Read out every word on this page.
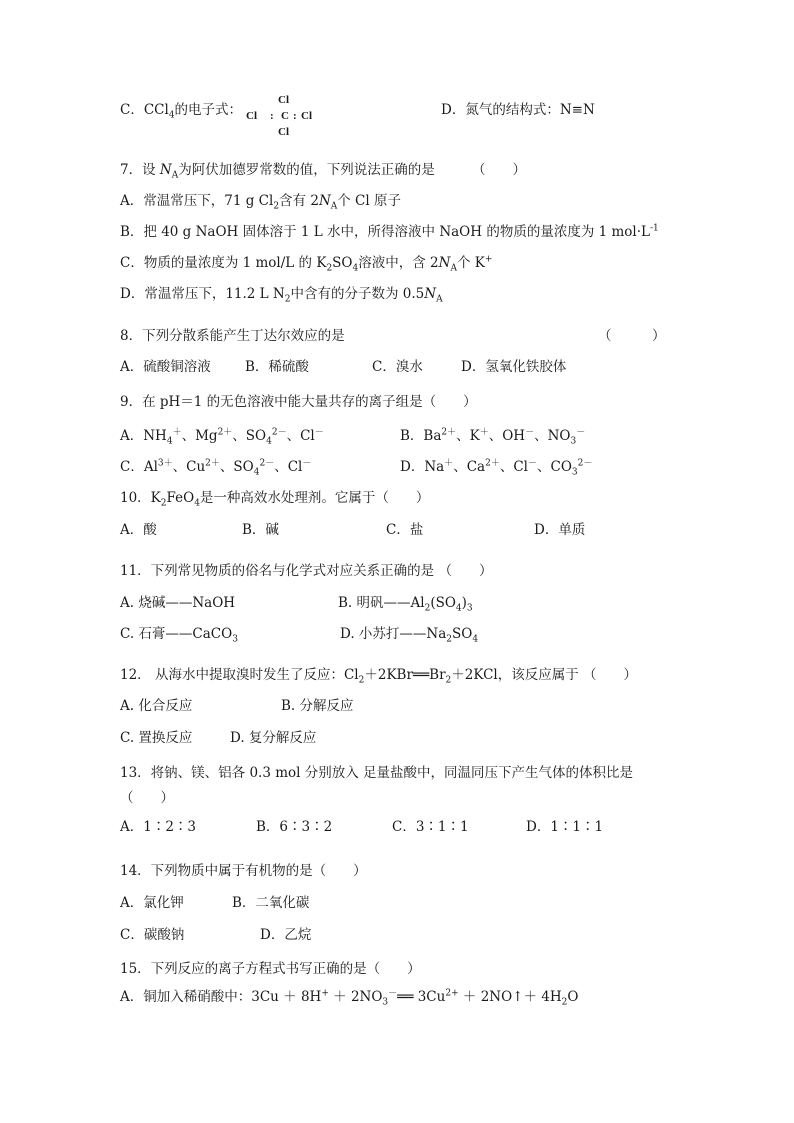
C．CCl$_4$的电子式：
Cl
Cl : C : Cl
Cl
D．氮气的结构式：N≡N
7．设 $N_A$为阿伏加德罗常数的值，下列说法正确的是	（　　）
A．常温常压下，71 g $Cl_2$含有 $2N_A$个 Cl 原子
B．把 40 g NaOH 固体溶于 1 L 水中，所得溶液中 NaOH 的物质的量浓度为 1 $mol\cdot L^{-1}$
C．物质的量浓度为 1 mol/L 的 $K_2SO_4$溶液中，含 $2N_A$个 K+
D．常温常压下，11.2 L $N_2$中含有的分子数为 $0.5N_A$
8．下列分散系能产生丁达尔效应的是	（　　　）
A．硫酸铜溶液	B．稀硫酸	C．溴水	D．氢氧化铁胶体
9．在 pH＝1 的无色溶液中能大量共存的离子组是（　　）
A．$NH_4^+$、$Mg^{2+}$、$SO_4^{2-}$、Cl－	B．$Ba^{2+}$、K＋、OH－、$NO_3^-$
C．$Al^{3+}$、$Cu^{2+}$、$SO_4^{2-}$、Cl－	D．Na＋、$Ca^{2+}$、Cl－、$CO_3^{2-}$
10．$K_2FeO_4$是一种高效水处理剂。它属于（　　）
A．酸	B．碱	C．盐	D．单质
11．下列常见物质的俗名与化学式对应关系正确的是 （　　）
A. 烧碱——NaOH	B. 明矾$——Al_2(SO_4)_3$
C. 石膏——CaCO$_3$	D. 小苏打$——Na_2SO_4$
12． 从海水中提取溴时发生了反应：$Cl_2+2KBr══Br_2+2KCl$，该反应属于 （　　）
A. 化合反应	B. 分解反应
C. 置换反应	D. 复分解反应
13．将钠、镁、铝各 0.3 mol 分别放入 足量盐酸中，同温同压下产生气体的体积比是
（　　）
A．1∶2∶3	B．6∶3∶2	C．3∶1∶1	D．1∶1∶1
14．下列物质中属于有机物的是（　　）
A．氯化钾	B．二氧化碳
C．碳酸钠	D．乙烷
15．下列反应的离子方程式书写正确的是（　　）
A．铜加入稀硝酸中：$3Cu + 8H^+ + 2NO_3^-══$ $3Cu^{2+}$ ＋ 2NO↑＋ $4H_2O$
